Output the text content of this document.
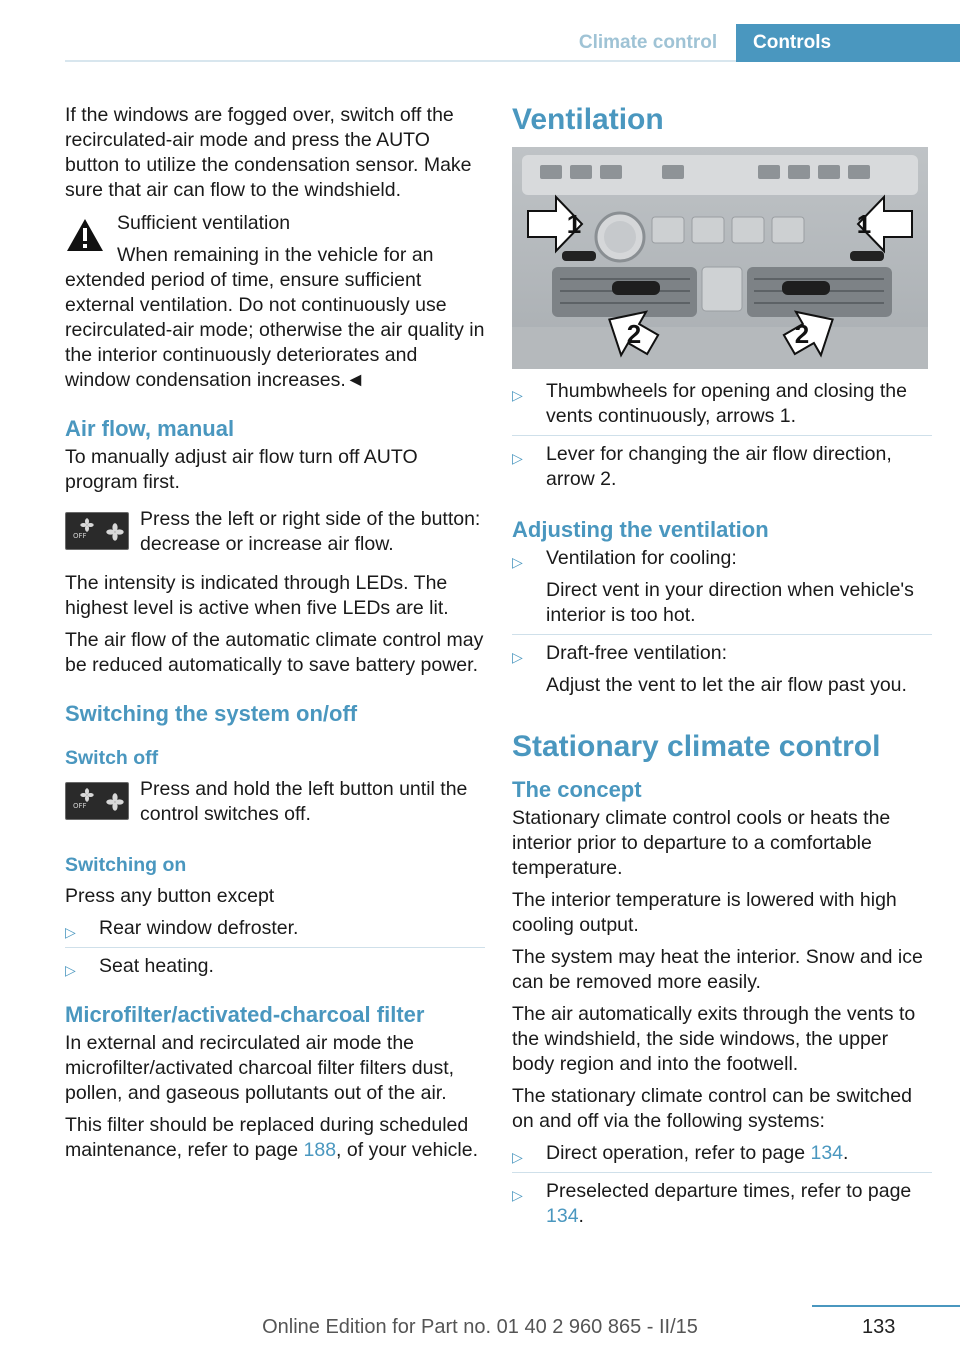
Climate control	Controls

If the windows are fogged over, switch off the recirculated-air mode and press the AUTO button to utilize the condensation sensor. Make sure that air can flow to the windshield.

Sufficient ventilation
When remaining in the vehicle for an extended period of time, ensure sufficient external ventilation. Do not continuously use recirculated-air mode; otherwise the air quality in the interior continuously deteriorates and window condensation increases.◄
Air flow, manual

To manually adjust air flow turn off AUTO program first.

OFF

Press the left or right side of the button: decrease or increase air flow.

The intensity is indicated through LEDs. The highest level is active when five LEDs are lit.

The air flow of the automatic climate control may be reduced automatically to save battery power.

Switching the system on/off
Switch off
OFF

Press and hold the left button until the control switches off.

Switching on

Press any button except

▷ Rear window defroster.
▷ Seat heating.
Microfilter/activated-charcoal filter

In external and recirculated air mode the microfilter/activated charcoal filter filters dust, pollen, and gaseous pollutants out of the air.

This filter should be replaced during scheduled maintenance, refer to page 188, of your vehicle.

Ventilation
1	1
2	2
▷ Thumbwheels for opening and closing the vents continuously, arrows 1.
▷ Lever for changing the air flow direction, arrow 2.
Adjusting the ventilation
▷ Ventilation for cooling:
Direct vent in your direction when vehicle's interior is too hot.
▷ Draft-free ventilation:
Adjust the vent to let the air flow past you.
Stationary climate control
The concept

Stationary climate control cools or heats the interior prior to departure to a comfortable temperature.

The interior temperature is lowered with high cooling output.

The system may heat the interior. Snow and ice can be removed more easily.

The air automatically exits through the vents to the windshield, the side windows, the upper body region and into the footwell.

The stationary climate control can be switched on and off via the following systems:

▷ Direct operation, refer to page 134.
▷ Preselected departure times, refer to page 134.
Online Edition for Part no. 01 40 2 960 865 - II/15	133
